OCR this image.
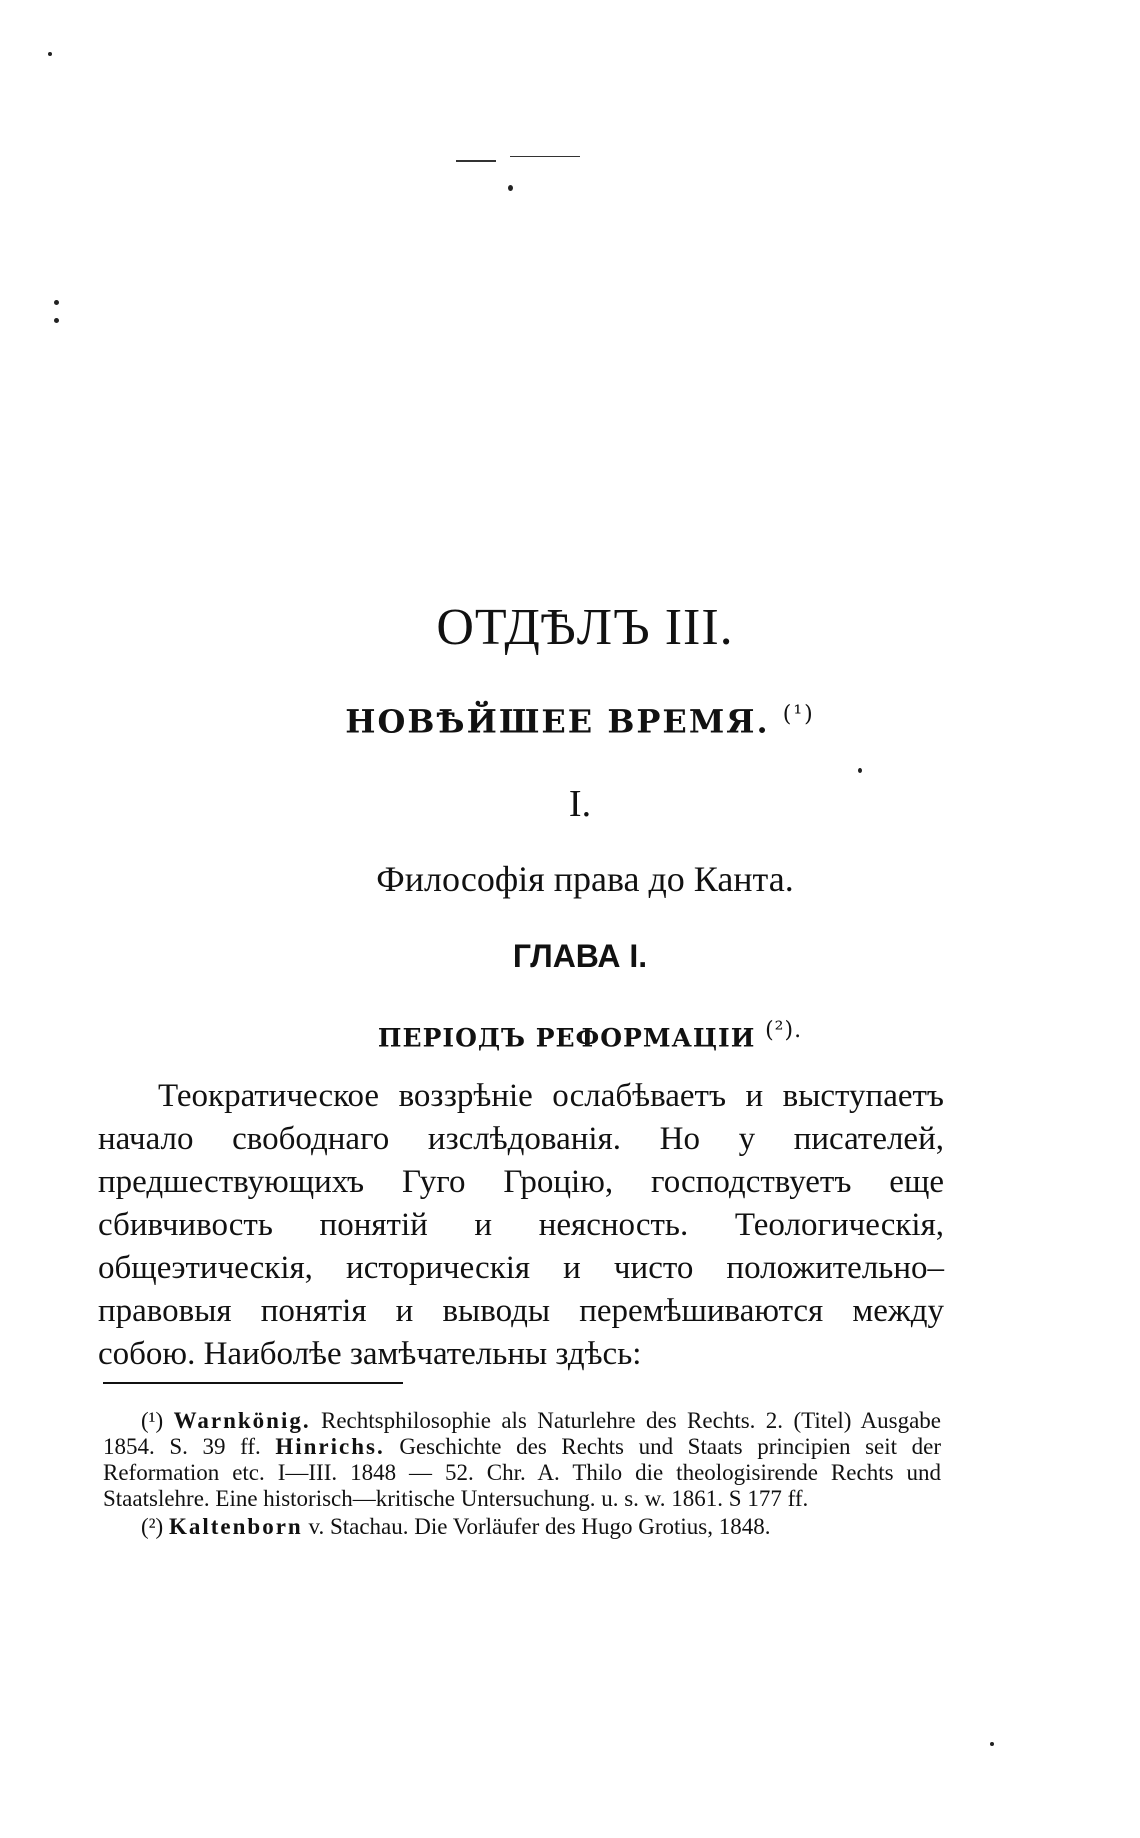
ОТДѢЛЪ III.
НОВѢЙШЕЕ ВРЕМЯ. $^{(^1)}$
I.
Философія права до Канта.
ГЛАВА I.
ПЕРІОДЪ РЕФОРМАЦІИ $^{(^2).}$

Теократическое воззрѣніе ослабѣваетъ и выступаетъ начало свободнаго изслѣдованія. Но у писателей, предшествующихъ Гуго Гроцію, господствуетъ еще сбивчивость понятій и неясность. Теологическія, общеэтическія, историческія и чисто положительно–правовыя понятія и выводы перемѣшиваются между собою. Наиболѣе замѣчательны здѣсь:

(¹) Warnkönig. Rechtsphilosophie als Naturlehre des Rechts. 2. (Titel) Ausgabe 1854. S. 39 ff. Hinrichs. Geschichte des Rechts und Staats principien seit der Reformation etc. I—III. 1848 — 52. Chr. A. Thilo die theologisirende Rechts und Staatslehre. Eine historisch—kritische Untersuchung. u. s. w. 1861. S 177 ff.

(²) Kaltenborn v. Stachau. Die Vorläufer des Hugo Grotius, 1848.
